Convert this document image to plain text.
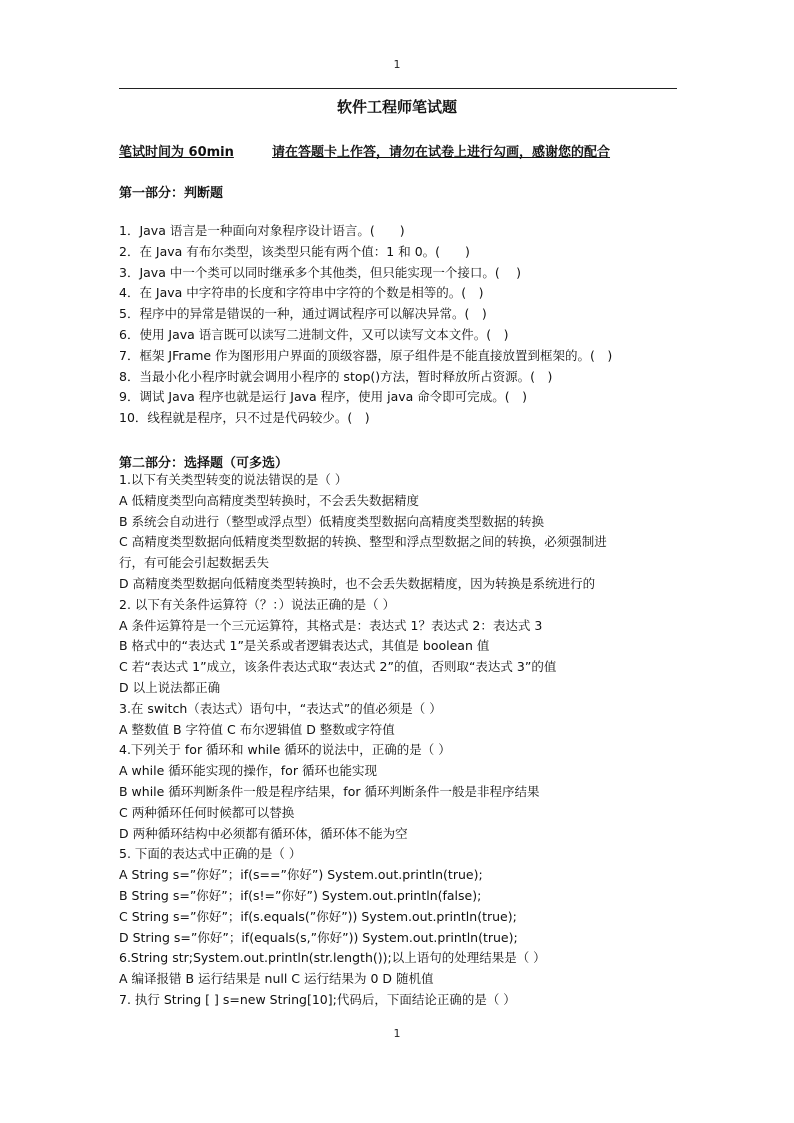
1
软件工程师笔试题
笔试时间为 60min	请在答题卡上作答，请勿在试卷上进行勾画，感谢您的配合
第一部分：判断题
1．Java 语言是一种面向对象程序设计语言。(　　)
2．在 Java 有布尔类型，该类型只能有两个值：1 和 0。(　　)
3．Java 中一个类可以同时继承多个其他类，但只能实现一个接口。(　 )
4．在 Java 中字符串的长度和字符串中字符的个数是相等的。(　)
5．程序中的异常是错误的一种，通过调试程序可以解决异常。(　)
6．使用 Java 语言既可以读写二进制文件，又可以读写文本文件。(　)
7．框架 JFrame 作为图形用户界面的顶级容器，原子组件是不能直接放置到框架的。(　)
8．当最小化小程序时就会调用小程序的 stop()方法，暂时释放所占资源。(　)
9．调试 Java 程序也就是运行 Java 程序，使用 java 命令即可完成。(　)
10．线程就是程序，只不过是代码较少。(　)
第二部分：选择题（可多选）
1.以下有关类型转变的说法错误的是（ ）
A 低精度类型向高精度类型转换时，不会丢失数据精度
B 系统会自动进行（整型或浮点型）低精度类型数据向高精度类型数据的转换
C 高精度类型数据向低精度类型数据的转换、整型和浮点型数据之间的转换，必须强制进
行，有可能会引起数据丢失
D 高精度类型数据向低精度类型转换时，也不会丢失数据精度，因为转换是系统进行的
2. 以下有关条件运算符（？：）说法正确的是（ ）
A 条件运算符是一个三元运算符，其格式是：表达式 1？表达式 2：表达式 3
B 格式中的“表达式 1”是关系或者逻辑表达式，其值是 boolean 值
C 若“表达式 1”成立，该条件表达式取“表达式 2”的值，否则取“表达式 3”的值
D 以上说法都正确
3.在 switch（表达式）语句中，“表达式”的值必须是（ ）
A 整数值 B 字符值 C 布尔逻辑值 D 整数或字符值
4.下列关于 for 循环和 while 循环的说法中，正确的是（ ）
A while 循环能实现的操作，for 循环也能实现
B while 循环判断条件一般是程序结果，for 循环判断条件一般是非程序结果
C 两种循环任何时候都可以替换
D 两种循环结构中必须都有循环体，循环体不能为空
5. 下面的表达式中正确的是（ ）
A String s=”你好”；if(s==”你好”) System.out.println(true);
B String s=”你好”；if(s!=”你好”) System.out.println(false);
C String s=”你好”；if(s.equals(”你好”)) System.out.println(true);
D String s=”你好”；if(equals(s,”你好”)) System.out.println(true);
6.String str;System.out.println(str.length());以上语句的处理结果是（ ）
A 编译报错 B 运行结果是 null C 运行结果为 0 D 随机值
7. 执行 String [ ] s=new String[10];代码后，下面结论正确的是（ ）
1
